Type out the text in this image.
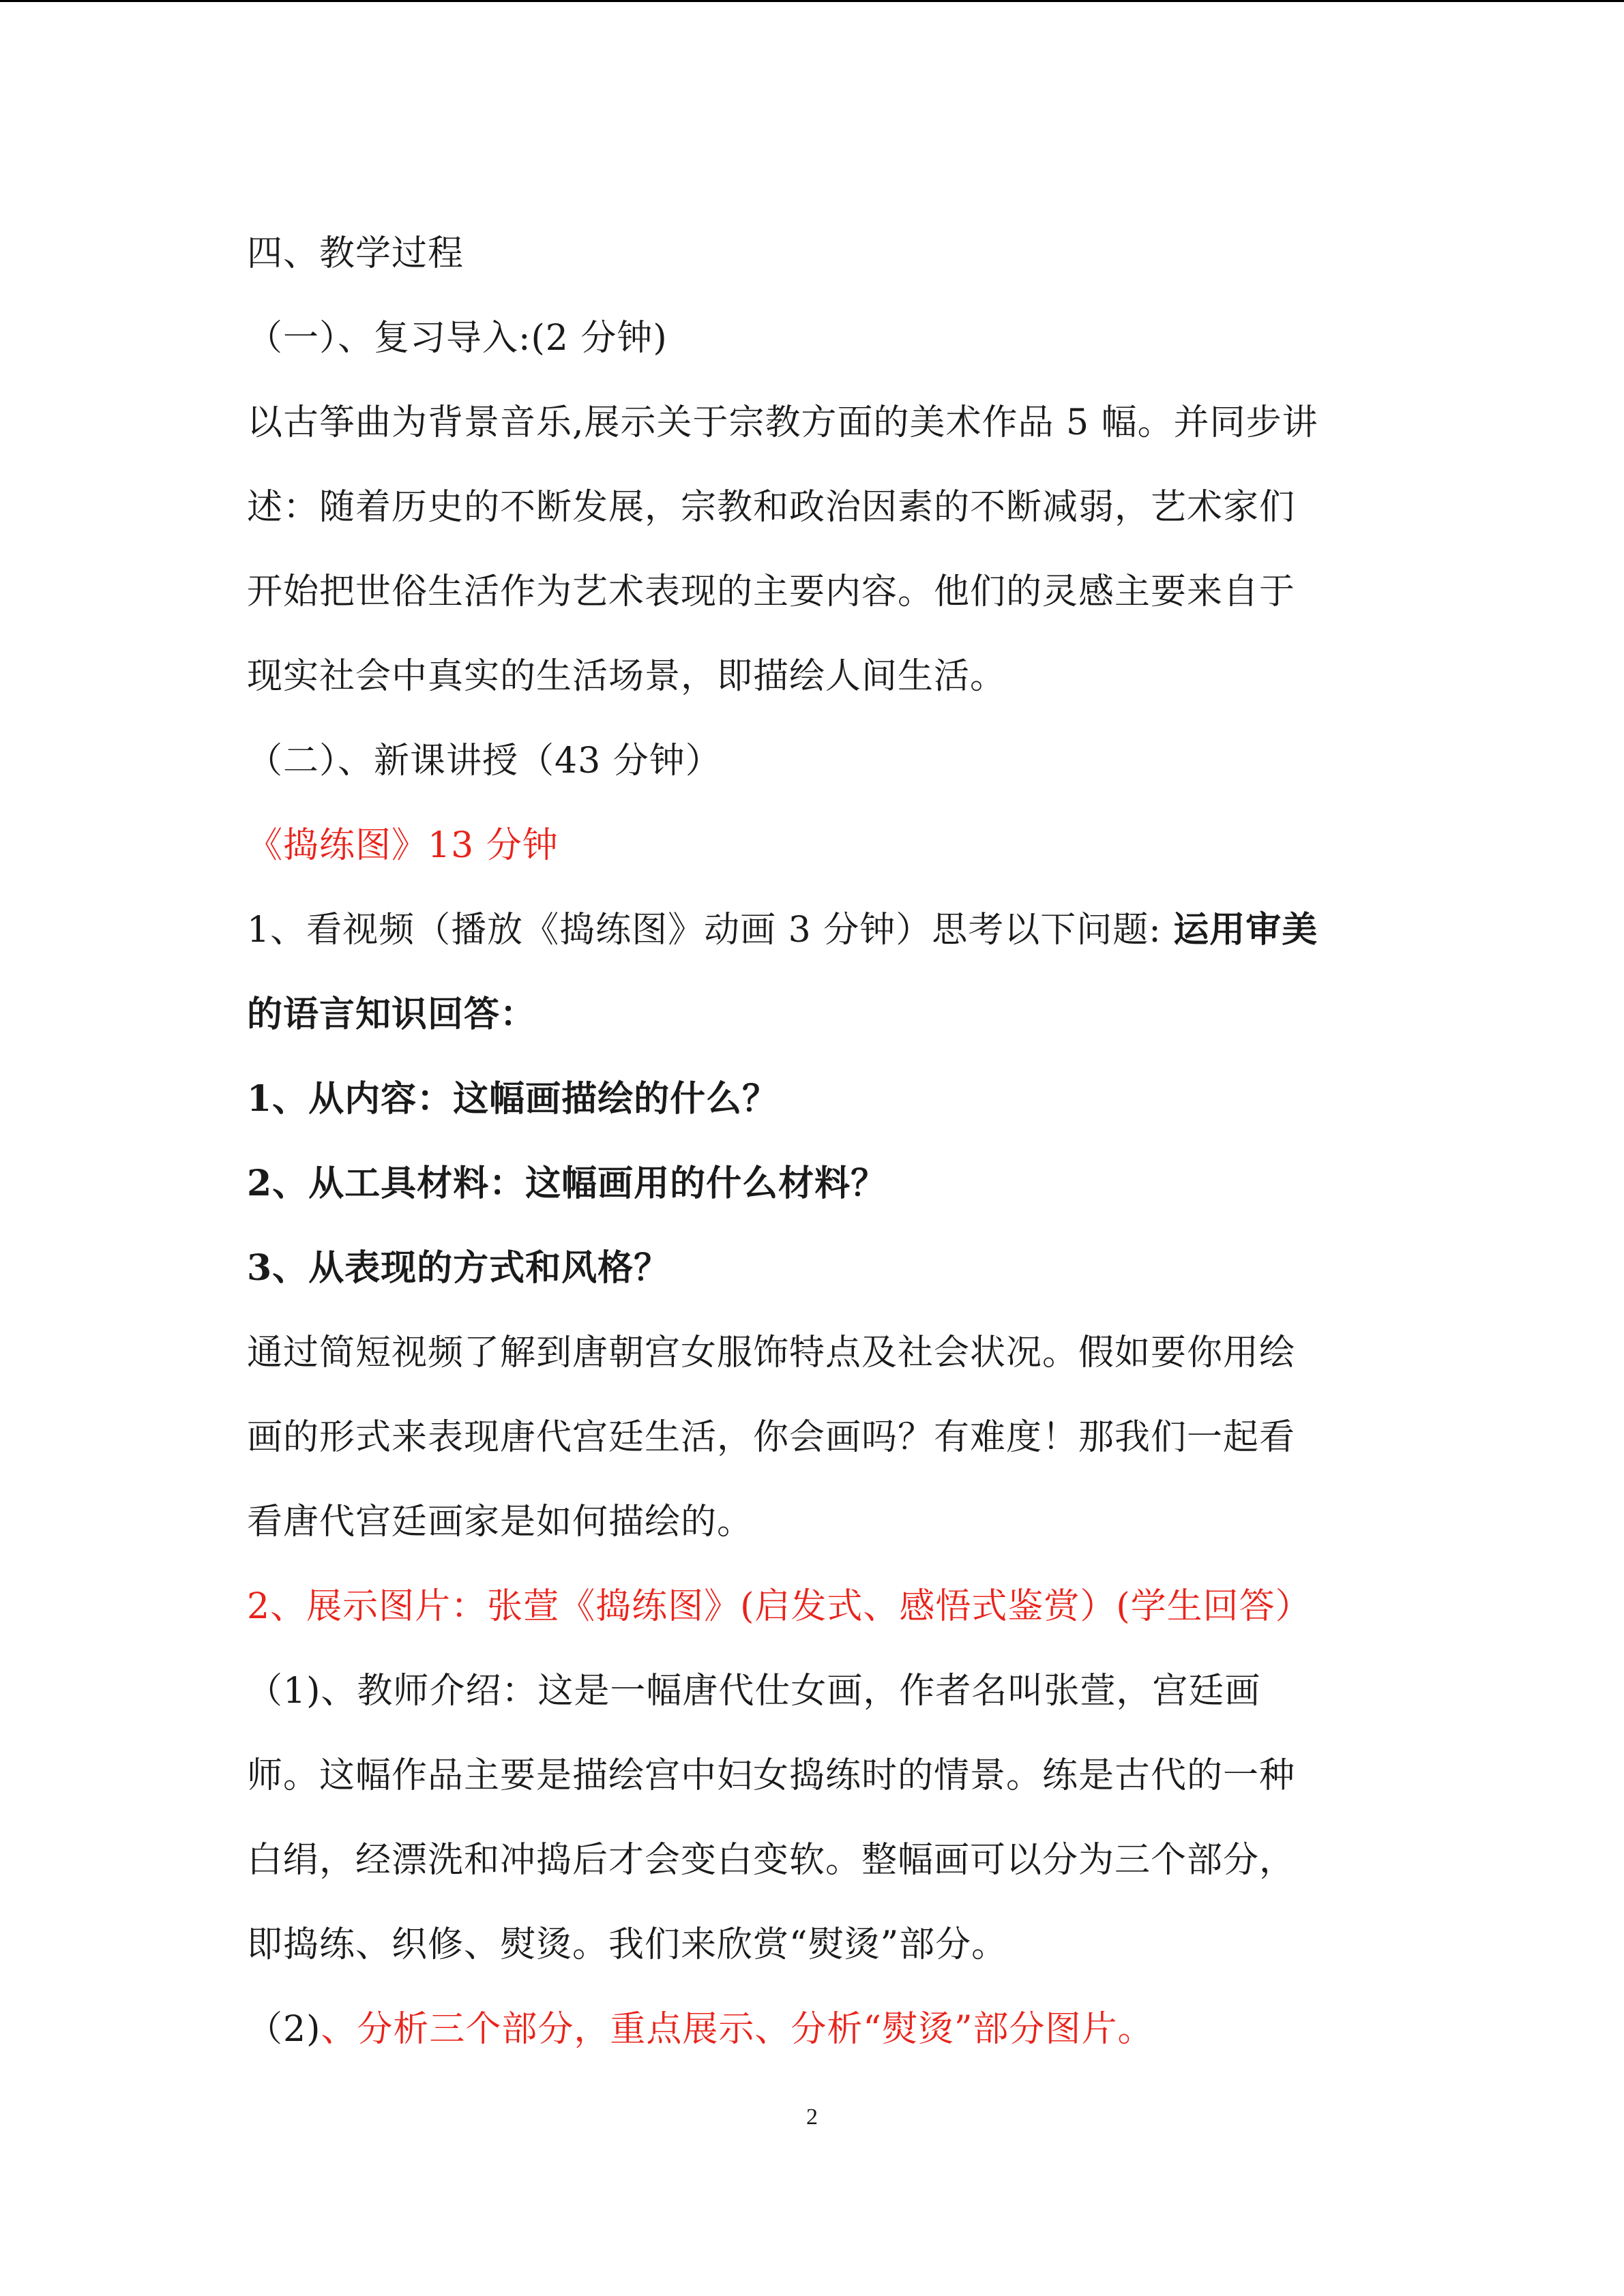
四、教学过程
（一）、复习导入:(2 分钟)
以古筝曲为背景音乐,展示关于宗教方面的美术作品 5 幅。并同步讲
述：随着历史的不断发展，宗教和政治因素的不断减弱，艺术家们
开始把世俗生活作为艺术表现的主要内容。他们的灵感主要来自于
现实社会中真实的生活场景，即描绘人间生活。
（二）、新课讲授（43 分钟）
《捣练图》13 分钟
1、看视频（播放《捣练图》动画 3 分钟）思考以下问题: 运用审美
的语言知识回答：
1、从内容：这幅画描绘的什么？
2、从工具材料：这幅画用的什么材料？
3、从表现的方式和风格？
通过简短视频了解到唐朝宫女服饰特点及社会状况。假如要你用绘
画的形式来表现唐代宫廷生活，你会画吗？有难度！那我们一起看
看唐代宫廷画家是如何描绘的。
2、展示图片：张萱《捣练图》(启发式、感悟式鉴赏）(学生回答）
（1)、教师介绍：这是一幅唐代仕女画，作者名叫张萱，宫廷画
师。这幅作品主要是描绘宫中妇女捣练时的情景。练是古代的一种
白绢，经漂洗和冲捣后才会变白变软。整幅画可以分为三个部分，
即捣练、织修、熨烫。我们来欣赏“熨烫”部分。
（2)、分析三个部分，重点展示、分析“熨烫”部分图片。
2
